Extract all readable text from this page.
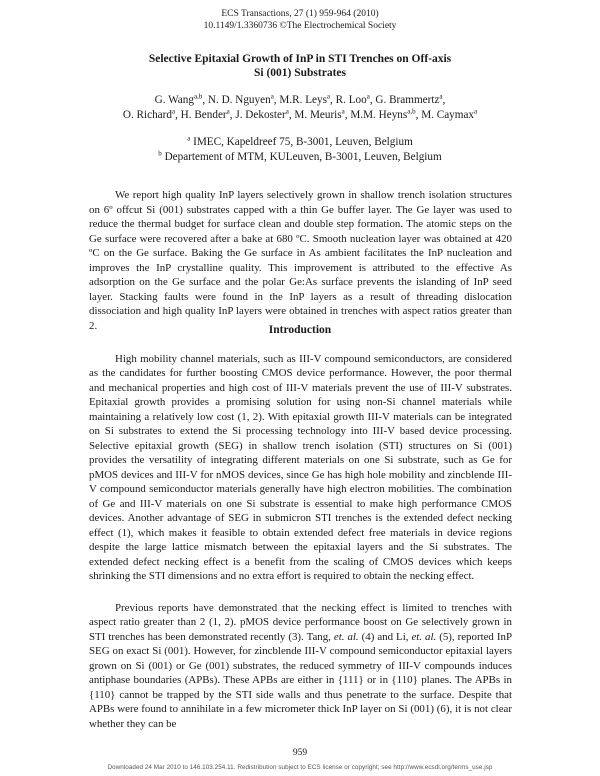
ECS Transactions, 27 (1) 959-964 (2010)
10.1149/1.3360736 ©The Electrochemical Society
Selective Epitaxial Growth of InP in STI Trenches on Off-axis
Si (001) Substrates
G. Wang$^{a,b}$, N. D. Nguyen$^a$, M.R. Leys$^a$, R. Loo$^a$, G. Brammertz$^a$,
O. Richard$^a$, H. Bender$^a$, J. Dekoster$^a$, M. Meuris$^a$, M.M. Heyns$^{a,b}$, M. Caymax$^a$
$^a$ IMEC, Kapeldreef 75, B-3001, Leuven, Belgium
$^b$ Departement of MTM, KULeuven, B-3001, Leuven, Belgium

We report high quality InP layers selectively grown in shallow trench isolation structures on 6º offcut Si (001) substrates capped with a thin Ge buffer layer. The Ge layer was used to reduce the thermal budget for surface clean and double step formation. The atomic steps on the Ge surface were recovered after a bake at 680 ºC. Smooth nucleation layer was obtained at 420 ºC on the Ge surface. Baking the Ge surface in As ambient facilitates the InP nucleation and improves the InP crystalline quality. This improvement is attributed to the effective As adsorption on the Ge surface and the polar Ge:As surface prevents the islanding of InP seed layer. Stacking faults were found in the InP layers as a result of threading dislocation dissociation and high quality InP layers were obtained in trenches with aspect ratios greater than 2.	Introduction

High mobility channel materials, such as III-V compound semiconductors, are considered as the candidates for further boosting CMOS device performance. However, the poor thermal and mechanical properties and high cost of III-V materials prevent the use of III-V substrates. Epitaxial growth provides a promising solution for using non-Si channel materials while maintaining a relatively low cost (1, 2). With epitaxial growth III-V materials can be integrated on Si substrates to extend the Si processing technology into III-V based device processing. Selective epitaxial growth (SEG) in shallow trench isolation (STI) structures on Si (001) provides the versatility of integrating different materials on one Si substrate, such as Ge for pMOS devices and III-V for nMOS devices, since Ge has high hole mobility and zincblende III-V compound semiconductor materials generally have high electron mobilities. The combination of Ge and III-V materials on one Si substrate is essential to make high performance CMOS devices. Another advantage of SEG in submicron STI trenches is the extended defect necking effect (1), which makes it feasible to obtain extended defect free materials in device regions despite the large lattice mismatch between the epitaxial layers and the Si substrates. The extended defect necking effect is a benefit from the scaling of CMOS devices which keeps shrinking the STI dimensions and no extra effort is required to obtain the necking effect.

Previous reports have demonstrated that the necking effect is limited to trenches with aspect ratio greater than 2 (1, 2). pMOS device performance boost on Ge selectively grown in STI trenches has been demonstrated recently (3). Tang, et. al. (4) and Li, et. al. (5), reported InP SEG on exact Si (001). However, for zincblende III-V compound semiconductor epitaxial layers grown on Si (001) or Ge (001) substrates, the reduced symmetry of III-V compounds induces antiphase boundaries (APBs). These APBs are either in {111} or in {110} planes. The APBs in {110} cannot be trapped by the STI side walls and thus penetrate to the surface. Despite that APBs were found to annihilate in a few micrometer thick InP layer on Si (001) (6), it is not clear whether they can be

959
Downloaded 24 Mar 2010 to 146.103.254.11. Redistribution subject to ECS license or copyright; see http://www.ecsdl.org/terms_use.jsp
